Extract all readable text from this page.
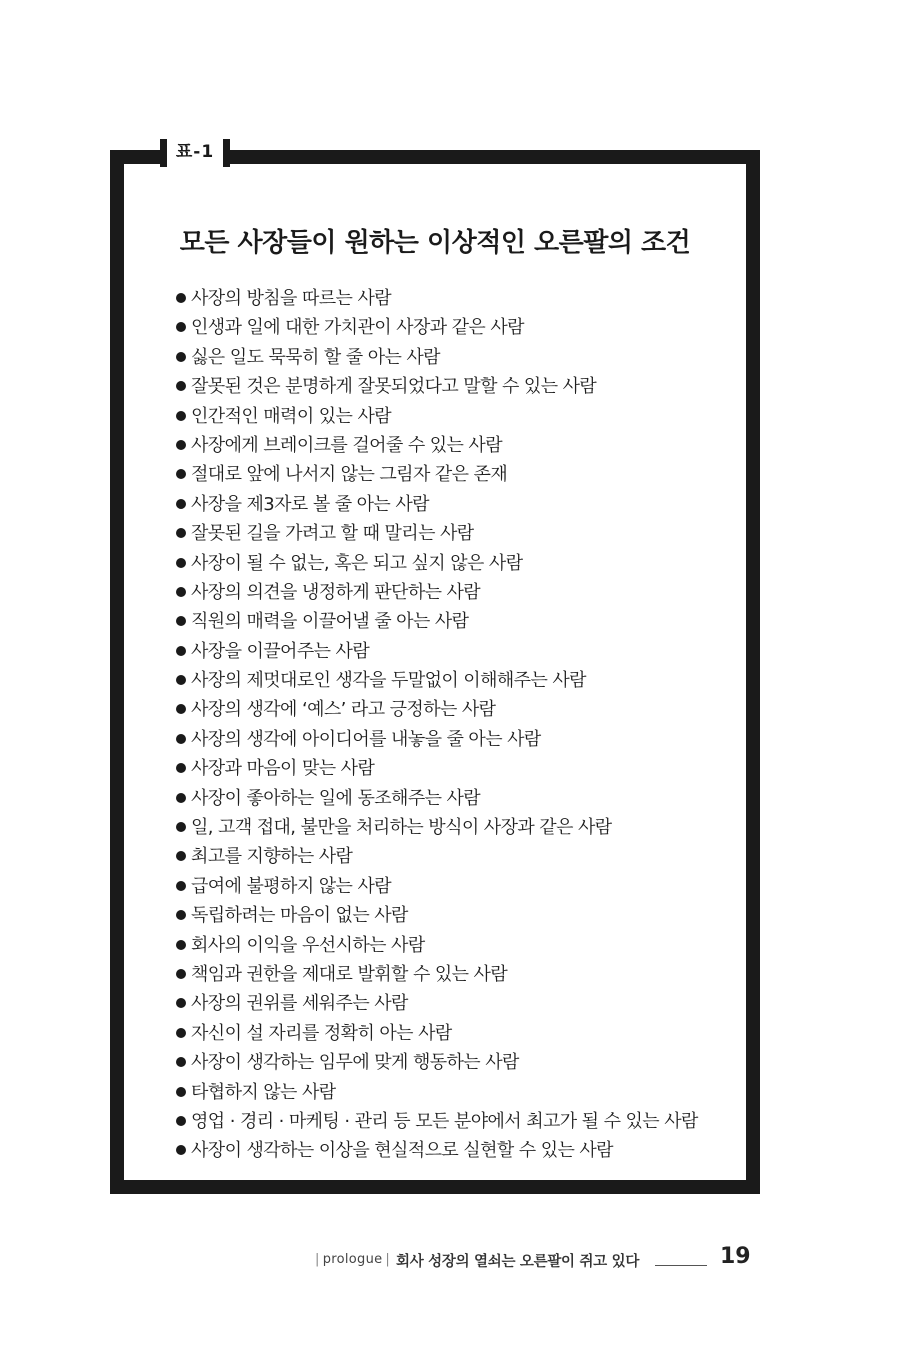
모든 사장들이 원하는 이상적인 오른팔의 조건
사장의 방침을 따르는 사람
인생과 일에 대한 가치관이 사장과 같은 사람
싫은 일도 묵묵히 할 줄 아는 사람
잘못된 것은 분명하게 잘못되었다고 말할 수 있는 사람
인간적인 매력이 있는 사람
사장에게 브레이크를 걸어줄 수 있는 사람
절대로 앞에 나서지 않는 그림자 같은 존재
사장을 제3자로 볼 줄 아는 사람
잘못된 길을 가려고 할 때 말리는 사람
사장이 될 수 없는, 혹은 되고 싶지 않은 사람
사장의 의견을 냉정하게 판단하는 사람
직원의 매력을 이끌어낼 줄 아는 사람
사장을 이끌어주는 사람
사장의 제멋대로인 생각을 두말없이 이해해주는 사람
사장의 생각에 ‘예스’ 라고 긍정하는 사람
사장의 생각에 아이디어를 내놓을 줄 아는 사람
사장과 마음이 맞는 사람
사장이 좋아하는 일에 동조해주는 사람
일, 고객 접대, 불만을 처리하는 방식이 사장과 같은 사람
최고를 지향하는 사람
급여에 불평하지 않는 사람
독립하려는 마음이 없는 사람
회사의 이익을 우선시하는 사람
책임과 권한을 제대로 발휘할 수 있는 사람
사장의 권위를 세워주는 사람
자신이 설 자리를 정확히 아는 사람
사장이 생각하는 임무에 맞게 행동하는 사람
타협하지 않는 사람
영업 · 경리 · 마케팅 · 관리 등 모든 분야에서 최고가 될 수 있는 사람
사장이 생각하는 이상을 현실적으로 실현할 수 있는 사람
표-1
| prologue | 회사 성장의 열쇠는 오른팔이 쥐고 있다	19
